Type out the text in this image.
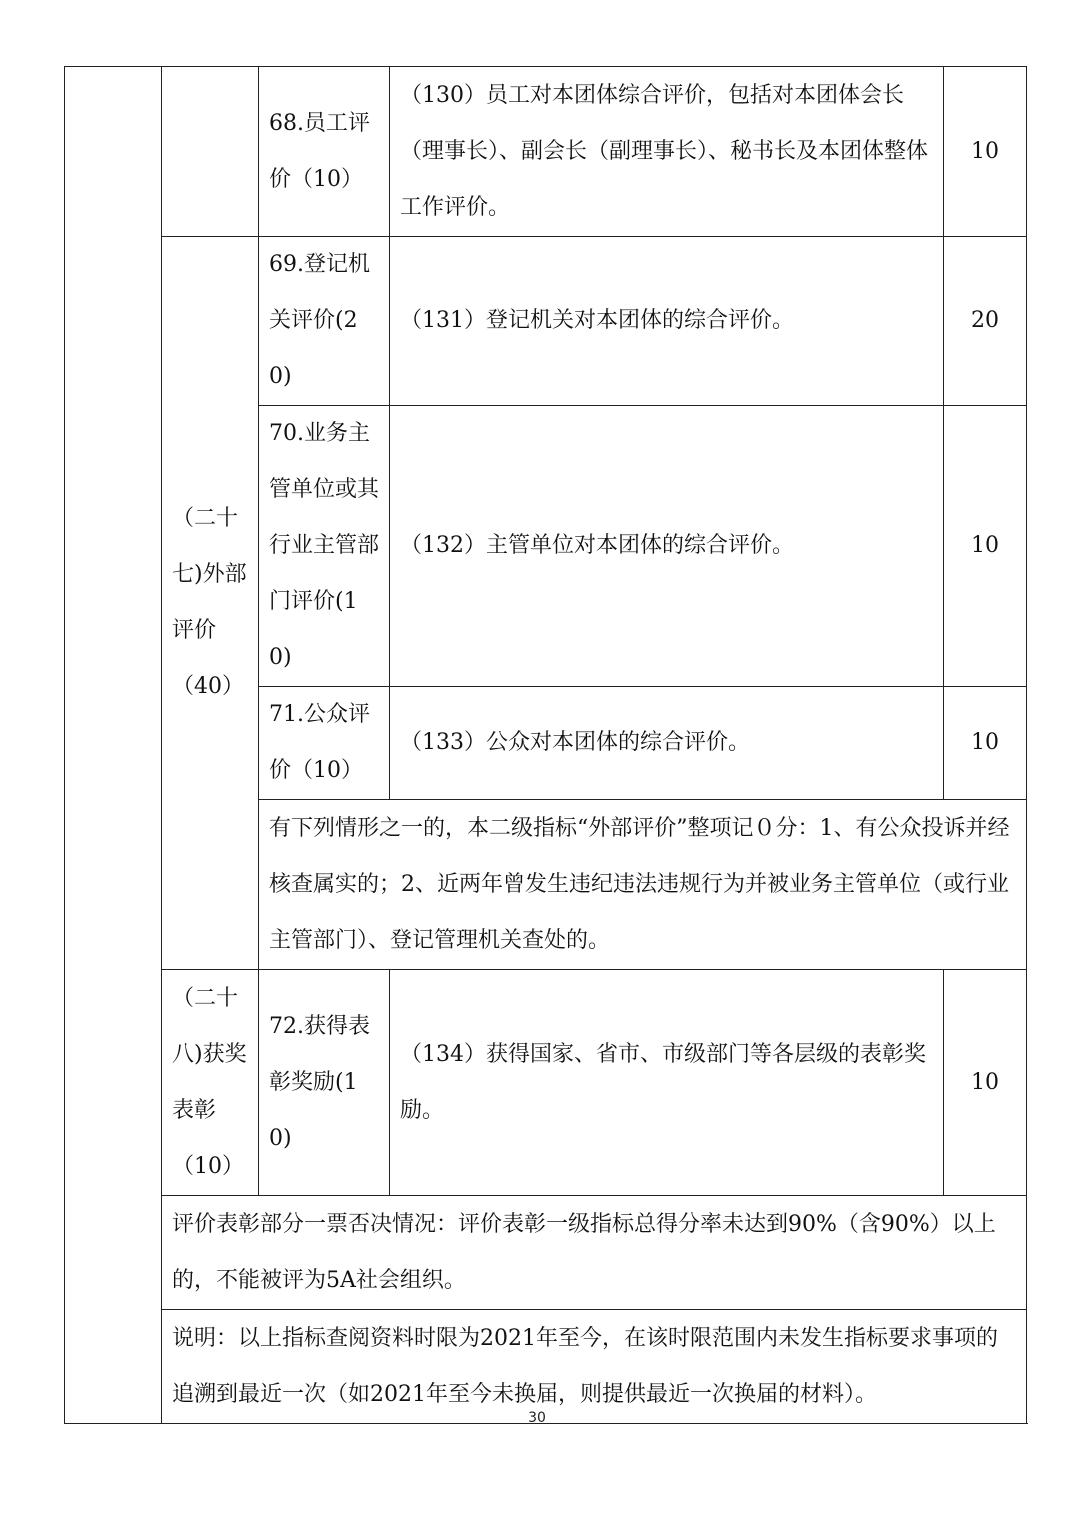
		68.员工评价（10）	（130）员工对本团体综合评价，包括对本团体会长（理事长）、副会长（副理事长）、秘书长及本团体整体工作评价。	10
	（二十七)外部评价（40）	69.登记机关评价(20)	（131）登记机关对本团体的综合评价。	20
		70.业务主管单位或其行业主管部门评价(10)	（132）主管单位对本团体的综合评价。	10
		71.公众评价（10）	（133）公众对本团体的综合评价。	10
		有下列情形之一的，本二级指标“外部评价”整项记０分：1、有公众投诉并经核查属实的；2、近两年曾发生违纪违法违规行为并被业务主管单位（或行业主管部门）、登记管理机关查处的。		
	（二十八)获奖表彰（10）	72.获得表彰奖励(10)	（134）获得国家、省市、市级部门等各层级的表彰奖励。	10
	评价表彰部分一票否决情况：评价表彰一级指标总得分率未达到90%（含90%）以上的，不能被评为5A社会组织。			
	说明：以上指标查阅资料时限为2021年至今，在该时限范围内未发生指标要求事项的追溯到最近一次（如2021年至今未换届，则提供最近一次换届的材料）。			
30
